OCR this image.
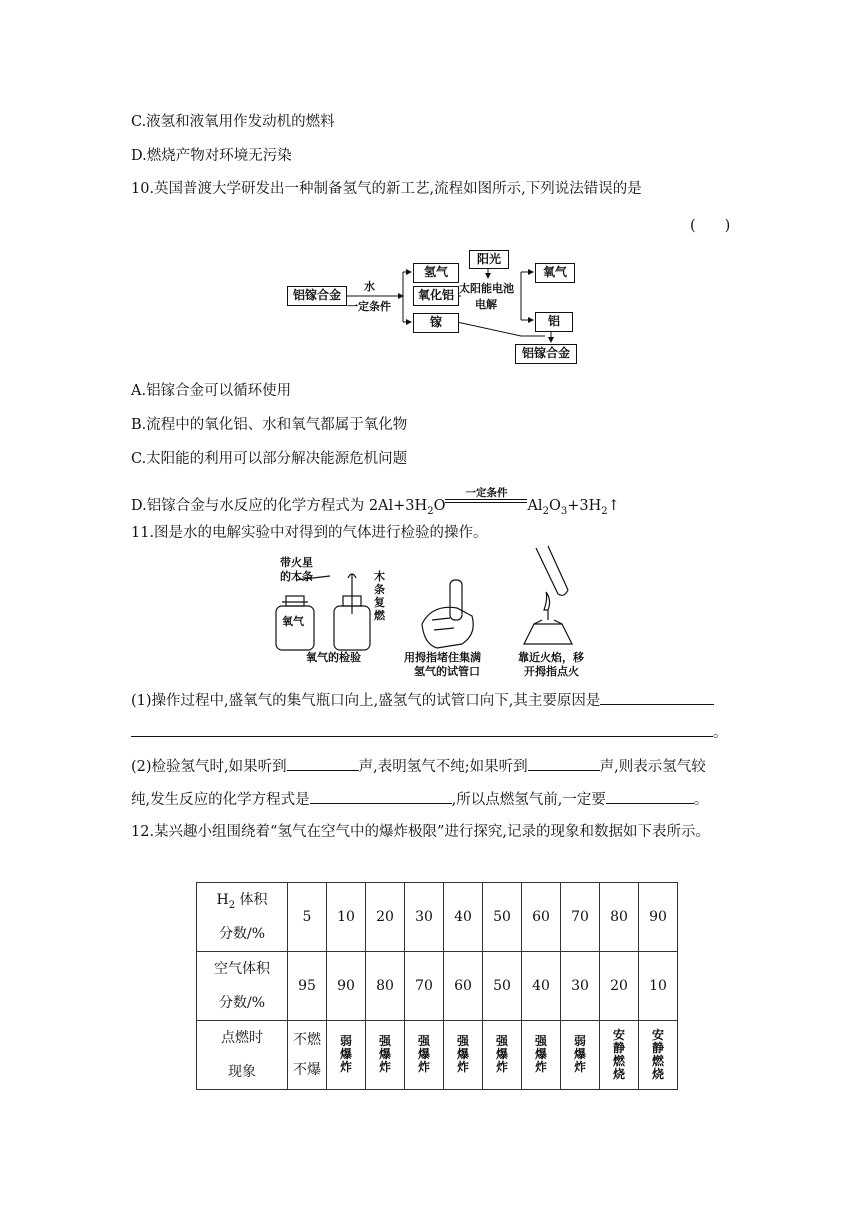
C.液氢和液氧用作发动机的燃料
D.燃烧产物对环境无污染
10.英国普渡大学研发出一种制备氢气的新工艺,流程如图所示,下列说法错误的是
(　　)
铝镓合金
水
一定条件
氢气
氧化铝
镓
阳光
太阳能电池
电解
氧气
铝
铝镓合金
A.铝镓合金可以循环使用
B.流程中的氧化铝、水和氧气都属于氧化物
C.太阳能的利用可以部分解决能源危机问题
D.铝镓合金与水反应的化学方程式为 $2Al+3H_2O$
一定条件
$Al_2O_3+3H_2↑$
11.图是水的电解实验中对得到的气体进行检验的操作。
带火星
的木条
氧气
木条复燃
氧气的检验	用拇指堵住集满
氢气的试管口
靠近火焰，移
开拇指点火
(1)操作过程中,盛氧气的集气瓶口向上,盛氢气的试管口向下,其主要原因是
。
(2)检验氢气时,如果听到	声,表明氢气不纯;如果听到	声,则表示氢气较
纯,发生反应的化学方程式是	,所以点燃氢气前,一定要	。
12.某兴趣小组围绕着“氢气在空气中的爆炸极限”进行探究,记录的现象和数据如下表所示。
$H_2$ 体积
分数/%	5	10	20	30	40	50	60	70	80	90
空气体积
分数/%	95	90	80	70	60	50	40	30	20	10
点燃时
现象	不燃
不爆	弱爆炸	强爆炸	强爆炸	强爆炸	强爆炸	强爆炸	弱爆炸	安静燃烧	安静燃烧
